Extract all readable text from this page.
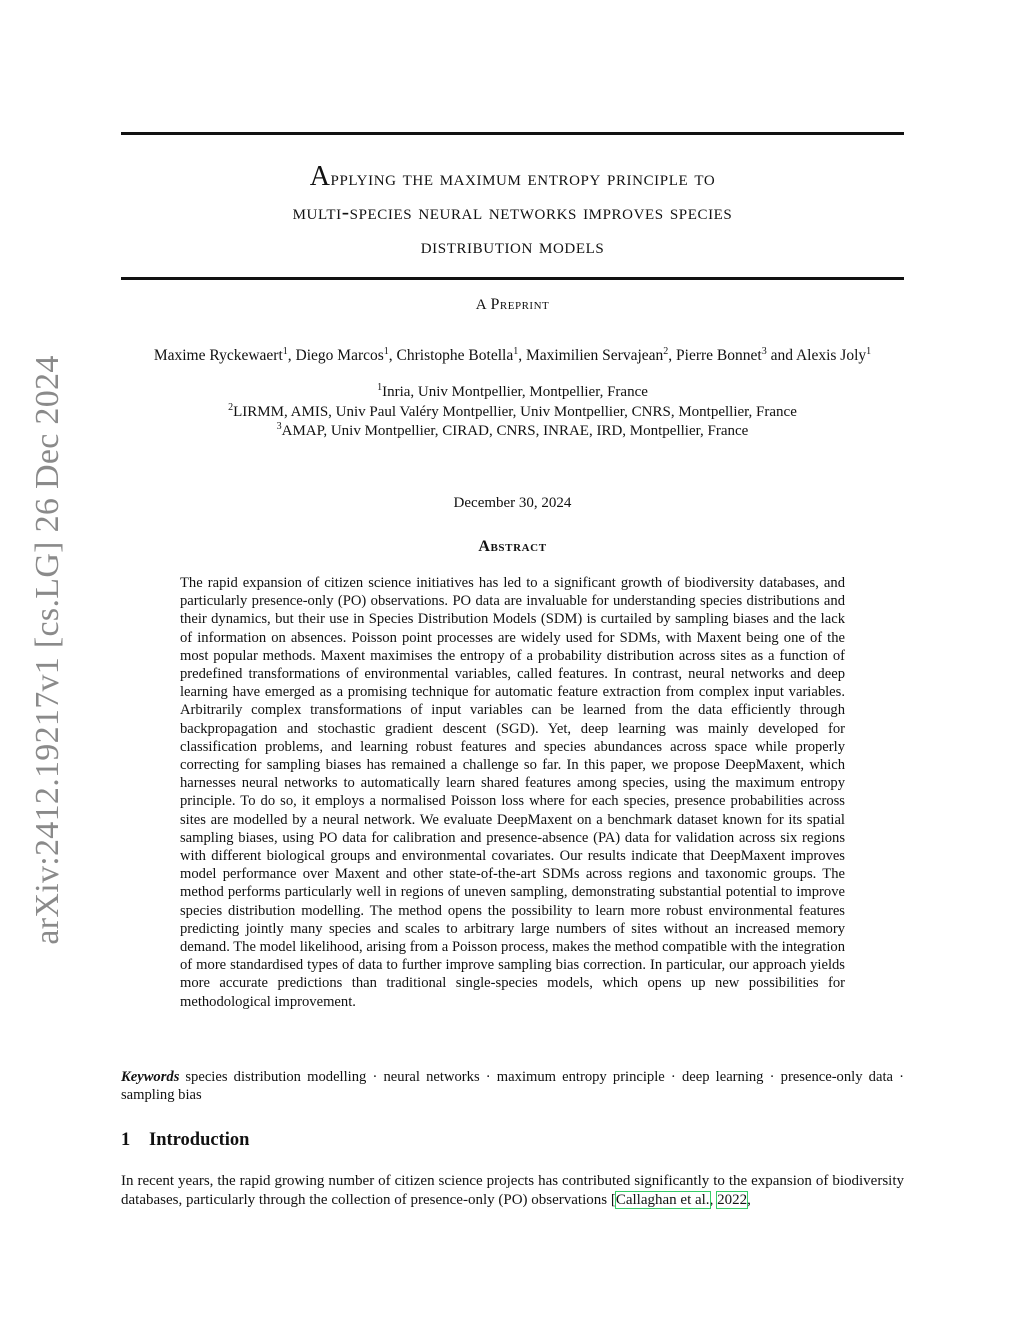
arXiv:2412.19217v1 [cs.LG] 26 Dec 2024
Applying the maximum entropy principle to
multi-species neural networks improves species
distribution models
A Preprint
Maxime Ryckewaert$^1$, Diego Marcos$^1$, Christophe Botella$^1$, Maximilien Servajean$^2$, Pierre Bonnet$^3$ and Alexis Joly$^1$
$^1$Inria, Univ Montpellier, Montpellier, France
$^2$LIRMM, AMIS, Univ Paul Valéry Montpellier, Univ Montpellier, CNRS, Montpellier, France
$^3$AMAP, Univ Montpellier, CIRAD, CNRS, INRAE, IRD, Montpellier, France
December 30, 2024
Abstract

The rapid expansion of citizen science initiatives has led to a significant growth of biodiversity databases, and particularly presence-only (PO) observations. PO data are invaluable for understanding species distributions and their dynamics, but their use in Species Distribution Models (SDM) is curtailed by sampling biases and the lack of information on absences. Poisson point processes are widely used for SDMs, with Maxent being one of the most popular methods. Maxent maximises the entropy of a probability distribution across sites as a function of predefined transformations of environmental variables, called features. In contrast, neural networks and deep learning have emerged as a promising technique for automatic feature extraction from complex input variables. Arbitrarily complex transformations of input variables can be learned from the data efficiently through backpropagation and stochastic gradient descent (SGD). Yet, deep learning was mainly developed for classification problems, and learning robust features and species abundances across space while properly correcting for sampling biases has remained a challenge so far. In this paper, we propose DeepMaxent, which harnesses neural networks to automatically learn shared features among species, using the maximum entropy principle. To do so, it employs a normalised Poisson loss where for each species, presence probabilities across sites are modelled by a neural network. We evaluate DeepMaxent on a benchmark dataset known for its spatial sampling biases, using PO data for calibration and presence-absence (PA) data for validation across six regions with different biological groups and environmental covariates. Our results indicate that DeepMaxent improves model performance over Maxent and other state-of-the-art SDMs across regions and taxonomic groups. The method performs particularly well in regions of uneven sampling, demonstrating substantial potential to improve species distribution modelling. The method opens the possibility to learn more robust environmental features predicting jointly many species and scales to arbitrary large numbers of sites without an increased memory demand. The model likelihood, arising from a Poisson process, makes the method compatible with the integration of more standardised types of data to further improve sampling bias correction. In particular, our approach yields more accurate predictions than traditional single-species models, which opens up new possibilities for methodological improvement.

Keywords species distribution modelling · neural networks · maximum entropy principle · deep learning · presence-only data · sampling bias
1 Introduction

In recent years, the rapid growing number of citizen science projects has contributed significantly to the expansion of biodiversity databases, particularly through the collection of presence-only (PO) observations [Callaghan et al., 2022,
